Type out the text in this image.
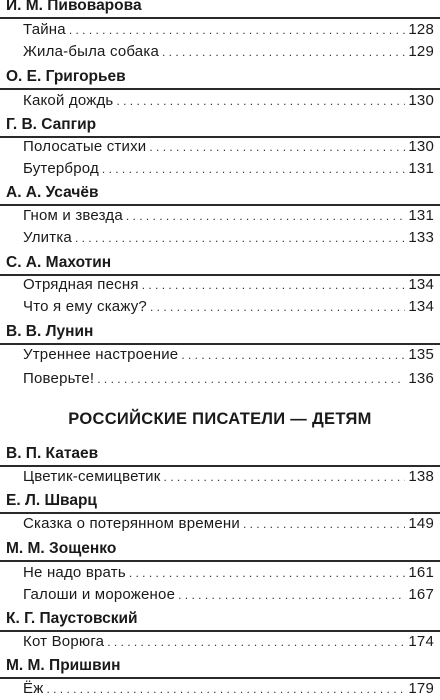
И. М. Пивоварова
Тайна . . .	128
Жила-была собака . . .	129
О. Е. Григорьев
Какой дождь . . .	130
Г. В. Сапгир
Полосатые стихи . . .	130
Бутерброд . . .	131
А. А. Усачёв
Гном и звезда . . .	131
Улитка . . .	133
С. А. Махотин
Отрядная песня . . .	134
Что я ему скажу? . . .	134
В. В. Лунин
Утреннее настроение . . .	135
Поверьте! . . .	136
РОССИЙСКИЕ ПИСАТЕЛИ — ДЕТЯМ
В. П. Катаев
Цветик-семицветик . . .	138
Е. Л. Шварц
Сказка о потерянном времени . . .	149
М. М. Зощенко
Не надо врать . . .	161
Галоши и мороженое . . .	167
К. Г. Паустовский
Кот Ворюга . . .	174
М. М. Пришвин
Ёж . . .	179
